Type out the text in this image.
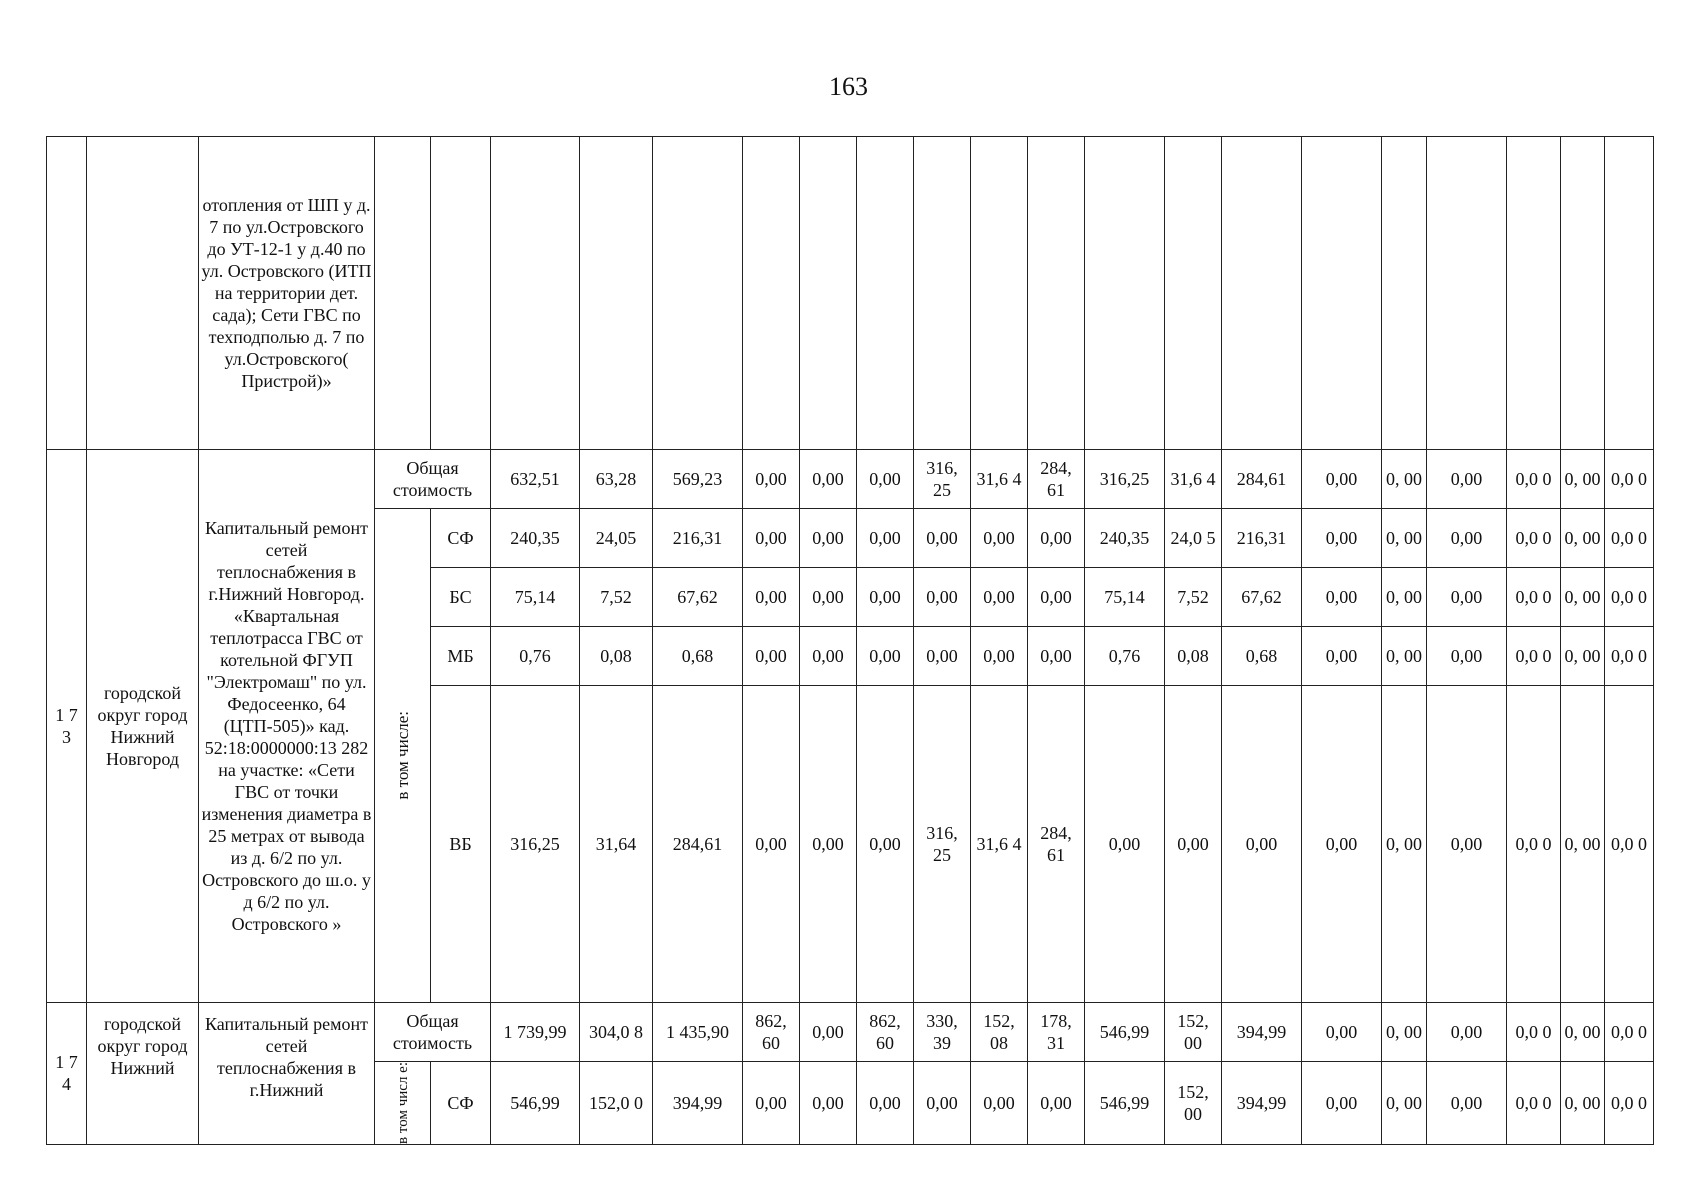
163
		отопления от ШП у д. 7 по ул.Островского до УТ-12-1 у д.40 по ул. Островского (ИТП на территории дет. сада); Сети ГВС по техподполью д. 7 по ул.Островского( Пристрой)»																				
1 7 3	городской округ город Нижний Новгород	Капитальный ремонт сетей теплоснабжения в г.Нижний Новгород. «Квартальная теплотрасса ГВС от котельной ФГУП "Электромаш" по ул. Федосеенко, 64 (ЦТП-505)» кад. 52:18:0000000:13 282 на участке: «Сети ГВС от точки изменения диаметра в 25 метрах от вывода из д. 6/2 по ул. Островского до ш.о. у д 6/2 по ул. Островского »	Общая стоимость		632,51	63,28	569,23	0,00	0,00	0,00	316, 25	31,6 4	284, 61	316,25	31,6 4	284,61	0,00	0, 00	0,00	0,0 0	0, 00	0,0 0

			в том числе:	СФ	240,35	24,05	216,31	0,00	0,00	0,00	0,00	0,00	0,00	240,35	24,0 5	216,31	0,00	0, 00	0,00	0,0 0	0, 00	0,0 0
				БС	75,14	7,52	67,62	0,00	0,00	0,00	0,00	0,00	0,00	75,14	7,52	67,62	0,00	0, 00	0,00	0,0 0	0, 00	0,0 0
				МБ	0,76	0,08	0,68	0,00	0,00	0,00	0,00	0,00	0,00	0,76	0,08	0,68	0,00	0, 00	0,00	0,0 0	0, 00	0,0 0
				ВБ	316,25	31,64	284,61	0,00	0,00	0,00	316, 25	31,6 4	284, 61	0,00	0,00	0,00	0,00	0, 00	0,00	0,0 0	0, 00	0,0 0
1 7 4	городской округ город Нижний	Капитальный ремонт сетей теплоснабжения в г.Нижний	Общая стоимость		1 739,99	304,0 8	1 435,90	862, 60	0,00	862, 60	330, 39	152, 08	178, 31	546,99	152, 00	394,99	0,00	0, 00	0,00	0,0 0	0, 00	0,0 0

			в том числ е:	СФ	546,99	152,0 0	394,99	0,00	0,00	0,00	0,00	0,00	0,00	546,99	152, 00	394,99	0,00	0, 00	0,00	0,0 0	0, 00	0,0 0
